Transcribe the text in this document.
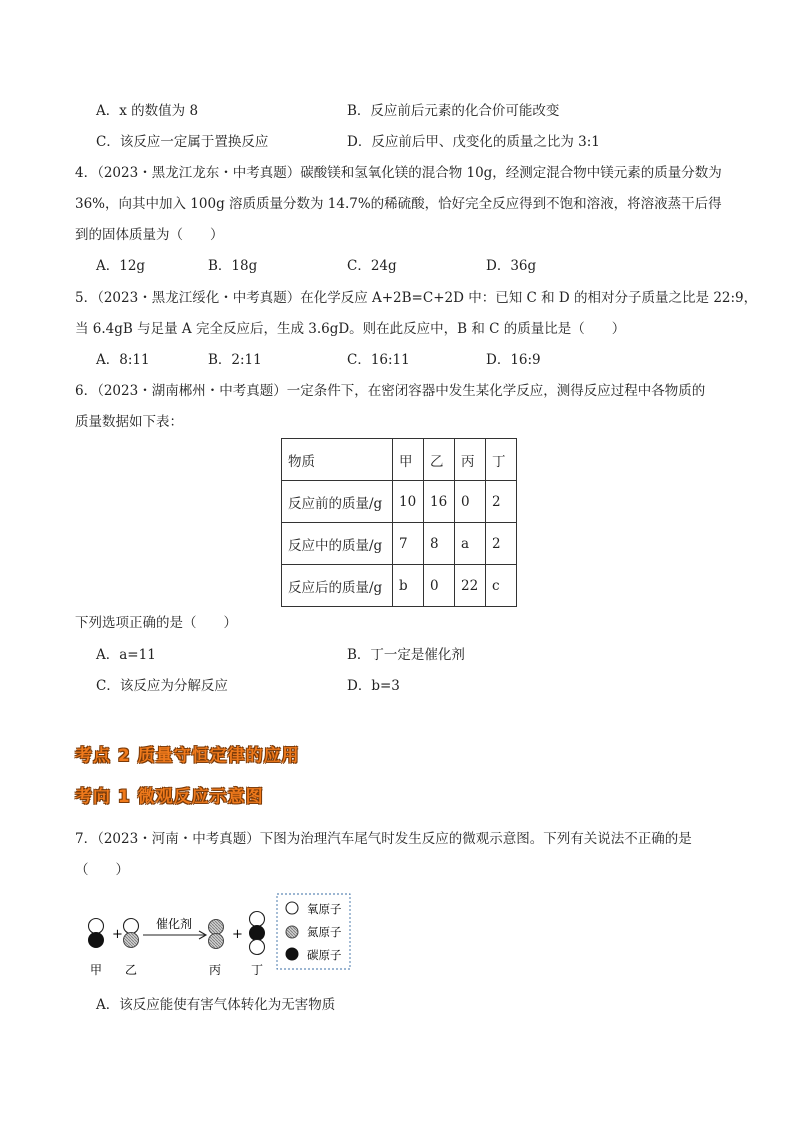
A．x 的数值为 8	B．反应前后元素的化合价可能改变
C．该反应一定属于置换反应	D．反应前后甲、戊变化的质量之比为 3:1
4．（2023・黑龙江龙东・中考真题）碳酸镁和氢氧化镁的混合物 10g，经测定混合物中镁元素的质量分数为
36%，向其中加入 100g 溶质质量分数为 14.7%的稀硫酸，恰好完全反应得到不饱和溶液，将溶液蒸干后得
到的固体质量为（　　）
A．12g	B．18g	C．24g	D．36g
5．（2023・黑龙江绥化・中考真题）在化学反应 A+2B=C+2D 中：已知 C 和 D 的相对分子质量之比是 22:9，
当 6.4gB 与足量 A 完全反应后，生成 3.6gD。则在此反应中，B 和 C 的质量比是（　　）
A．8:11	B．2:11	C．16:11	D．16:9
6．（2023・湖南郴州・中考真题）一定条件下，在密闭容器中发生某化学反应，测得反应过程中各物质的
质量数据如下表：
物质	甲	乙	丙	丁
反应前的质量/g	10	16	0	2
反应中的质量/g	7	8	a	2
反应后的质量/g	b	0	22	c
下列选项正确的是（　　）
A．a=11	B．丁一定是催化剂
C．该反应为分解反应	D．b=3
考点 2 质量守恒定律的应用
考向 1 微观反应示意图
7．（2023・河南・中考真题）下图为治理汽车尾气时发生反应的微观示意图。下列有关说法不正确的是
（　　）
+
催化剂
+
甲 乙	丙 丁
氧原子
氮原子
碳原子
A．该反应能使有害气体转化为无害物质
